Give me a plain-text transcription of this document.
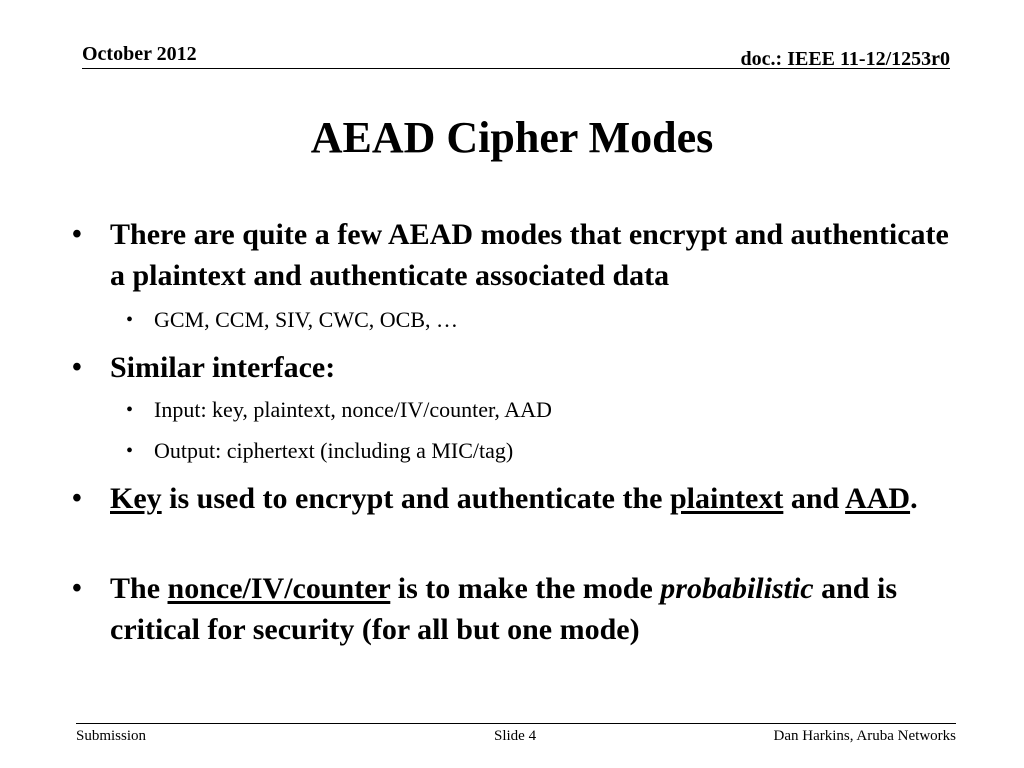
October 2012	doc.: IEEE 11-12/1253r0
AEAD Cipher Modes
• There are quite a few AEAD modes that encrypt and authenticate a plaintext and authenticate associated data
• GCM, CCM, SIV, CWC, OCB, …
• Similar interface:
• Input: key, plaintext, nonce/IV/counter, AAD
• Output: ciphertext (including a MIC/tag)
• Key is used to encrypt and authenticate the plaintext and AAD.
• The nonce/IV/counter is to make the mode probabilistic and is critical for security (for all but one mode)
Submission	Slide 4	Dan Harkins, Aruba Networks
